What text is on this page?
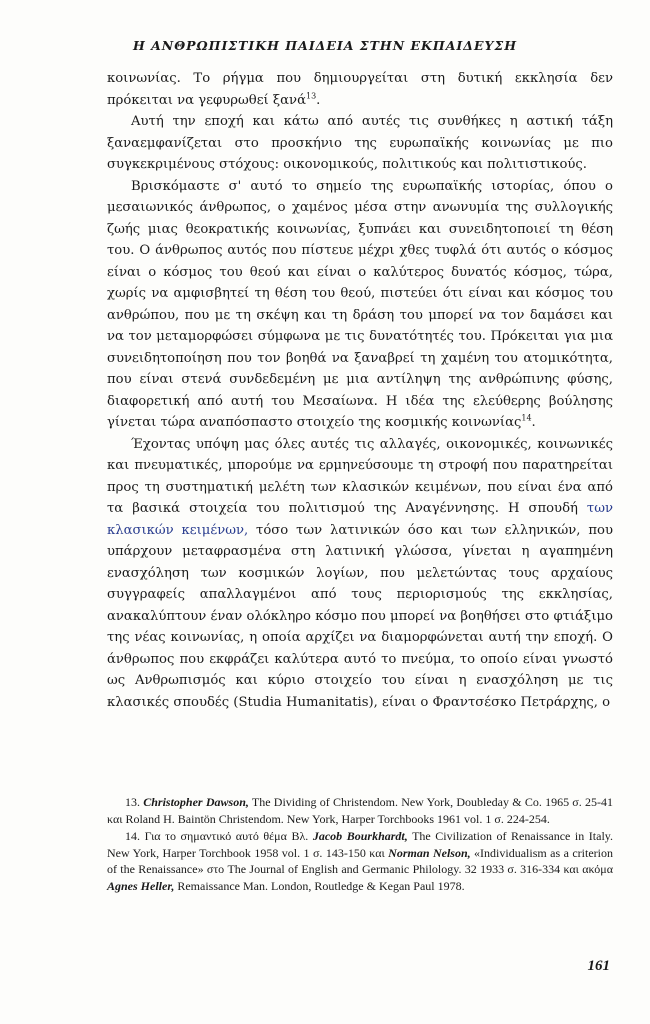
Η ΑΝΘΡΩΠΙΣΤΙΚΗ ΠΑΙΔΕΙΑ ΣΤΗΝ ΕΚΠΑΙΔΕΥΣΗ

κοινωνίας. Το ρήγμα που δημιουργείται στη δυτική εκκλησία δεν πρόκειται να γεφυρωθεί ξανά$^{13}$.

Αυτή την εποχή και κάτω από αυτές τις συνθήκες η αστική τάξη ξαναεμφανίζεται στο προσκήνιο της ευρωπαϊκής κοινωνίας με πιο συγκεκριμένους στόχους: οικονομικούς, πολιτικούς και πολιτιστικούς.

Βρισκόμαστε σ' αυτό το σημείο της ευρωπαϊκής ιστορίας, όπου ο μεσαιωνικός άνθρωπος, ο χαμένος μέσα στην ανωνυμία της συλλογικής ζωής μιας θεοκρατικής κοινωνίας, ξυπνάει και συνειδητοποιεί τη θέση του. Ο άνθρωπος αυτός που πίστευε μέχρι χθες τυφλά ότι αυτός ο κόσμος είναι ο κόσμος του θεού και είναι ο καλύτερος δυνατός κόσμος, τώρα, χωρίς να αμφισβητεί τη θέση του θεού, πιστεύει ότι είναι και κόσμος του ανθρώπου, που με τη σκέψη και τη δράση του μπορεί να τον δαμάσει και να τον μεταμορφώσει σύμφωνα με τις δυνατότητές του. Πρόκειται για μια συνειδητοποίηση που τον βοηθά να ξαναβρεί τη χαμένη του ατομικότητα, που είναι στενά συνδεδεμένη με μια αντίληψη της ανθρώπινης φύσης, διαφορετική από αυτή του Μεσαίωνα. Η ιδέα της ελεύθερης βούλησης γίνεται τώρα αναπόσπαστο στοιχείο της κοσμικής κοινωνίας$^{14}$.

Έχοντας υπόψη μας όλες αυτές τις αλλαγές, οικονομικές, κοινωνικές και πνευματικές, μπορούμε να ερμηνεύσουμε τη στροφή που παρατηρείται προς τη συστηματική μελέτη των κλασικών κειμένων, που είναι ένα από τα βασικά στοιχεία του πολιτισμού της Αναγέννησης. Η σπουδή των κλασικών κειμένων, τόσο των λατινικών όσο και των ελληνικών, που υπάρχουν μεταφρασμένα στη λατινική γλώσσα, γίνεται η αγαπημένη ενασχόληση των κοσμικών λογίων, που μελετώντας τους αρχαίους συγγραφείς απαλλαγμένοι από τους περιορισμούς της εκκλησίας, ανακαλύπτουν έναν ολόκληρο κόσμο που μπορεί να βοηθήσει στο φτιάξιμο της νέας κοινωνίας, η οποία αρχίζει να διαμορφώνεται αυτή την εποχή. Ο άνθρωπος που εκφράζει καλύτερα αυτό το πνεύμα, το οποίο είναι γνωστό ως Ανθρωπισμός και κύριο στοιχείο του είναι η ενασχόληση με τις κλασικές σπουδές (Studia Humanitatis), είναι ο Φραντσέσκο Πετράρχης, ο

13. Christopher Dawson, The Dividing of Christendom. New York, Doubleday & Co. 1965 σ. 25-41 και Roland H. Baintön Christendom. New York, Harper Torchbooks 1961 vol. 1 σ. 224-254.

14. Για το σημαντικό αυτό θέμα Βλ. Jacob Bourkhardt, The Civilization of Renaissance in Italy. New York, Harper Torchbook 1958 vol. 1 σ. 143-150 και Norman Nelson, «Individualism as a criterion of the Renaissance» στο The Journal of English and Germanic Philology. 32 1933 σ. 316-334 και ακόμα Agnes Heller, Remaissance Man. London, Routledge & Kegan Paul 1978.

161
